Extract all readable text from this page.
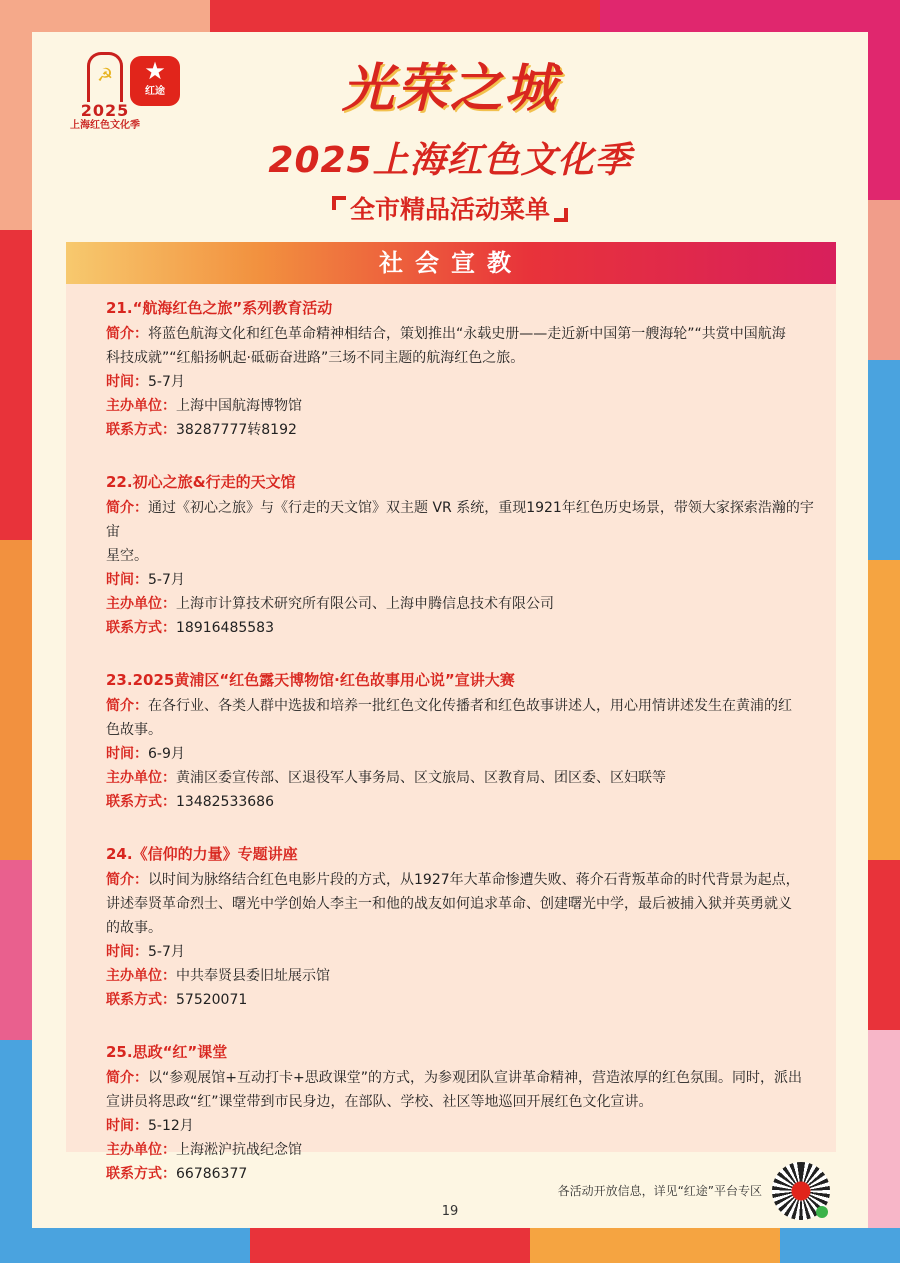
☭
2025
上海红色文化季
★
红途	光荣之城
2025上海红色文化季
全市精品活动菜单
社会宣教
21.“航海红色之旅”系列教育活动
简介：将蓝色航海文化和红色革命精神相结合，策划推出“永载史册——走近新中国第一艘海轮”“共赏中国航海
科技成就”“红船扬帆起·砥砺奋进路”三场不同主题的航海红色之旅。
时间：5-7月
主办单位：上海中国航海博物馆
联系方式：38287777转8192
22.初心之旅&行走的天文馆
简介：通过《初心之旅》与《行走的天文馆》双主题 VR 系统，重现1921年红色历史场景，带领大家探索浩瀚的宇宙
星空。
时间：5-7月
主办单位：上海市计算技术研究所有限公司、上海申腾信息技术有限公司
联系方式：18916485583
23.2025黄浦区“红色露天博物馆·红色故事用心说”宣讲大赛
简介：在各行业、各类人群中选拔和培养一批红色文化传播者和红色故事讲述人，用心用情讲述发生在黄浦的红
色故事。
时间：6-9月
主办单位：黄浦区委宣传部、区退役军人事务局、区文旅局、区教育局、团区委、区妇联等
联系方式：13482533686
24.《信仰的力量》专题讲座
简介：以时间为脉络结合红色电影片段的方式，从1927年大革命惨遭失败、蒋介石背叛革命的时代背景为起点，
讲述奉贤革命烈士、曙光中学创始人李主一和他的战友如何追求革命、创建曙光中学，最后被捕入狱并英勇就义
的故事。
时间：5-7月
主办单位：中共奉贤县委旧址展示馆
联系方式：57520071
25.思政“红”课堂
简介：以“参观展馆+互动打卡+思政课堂”的方式，为参观团队宣讲革命精神，营造浓厚的红色氛围。同时，派出
宣讲员将思政“红”课堂带到市民身边，在部队、学校、社区等地巡回开展红色文化宣讲。
时间：5-12月
主办单位：上海淞沪抗战纪念馆
联系方式：66786377
各活动开放信息，详见“红途”平台专区
19
